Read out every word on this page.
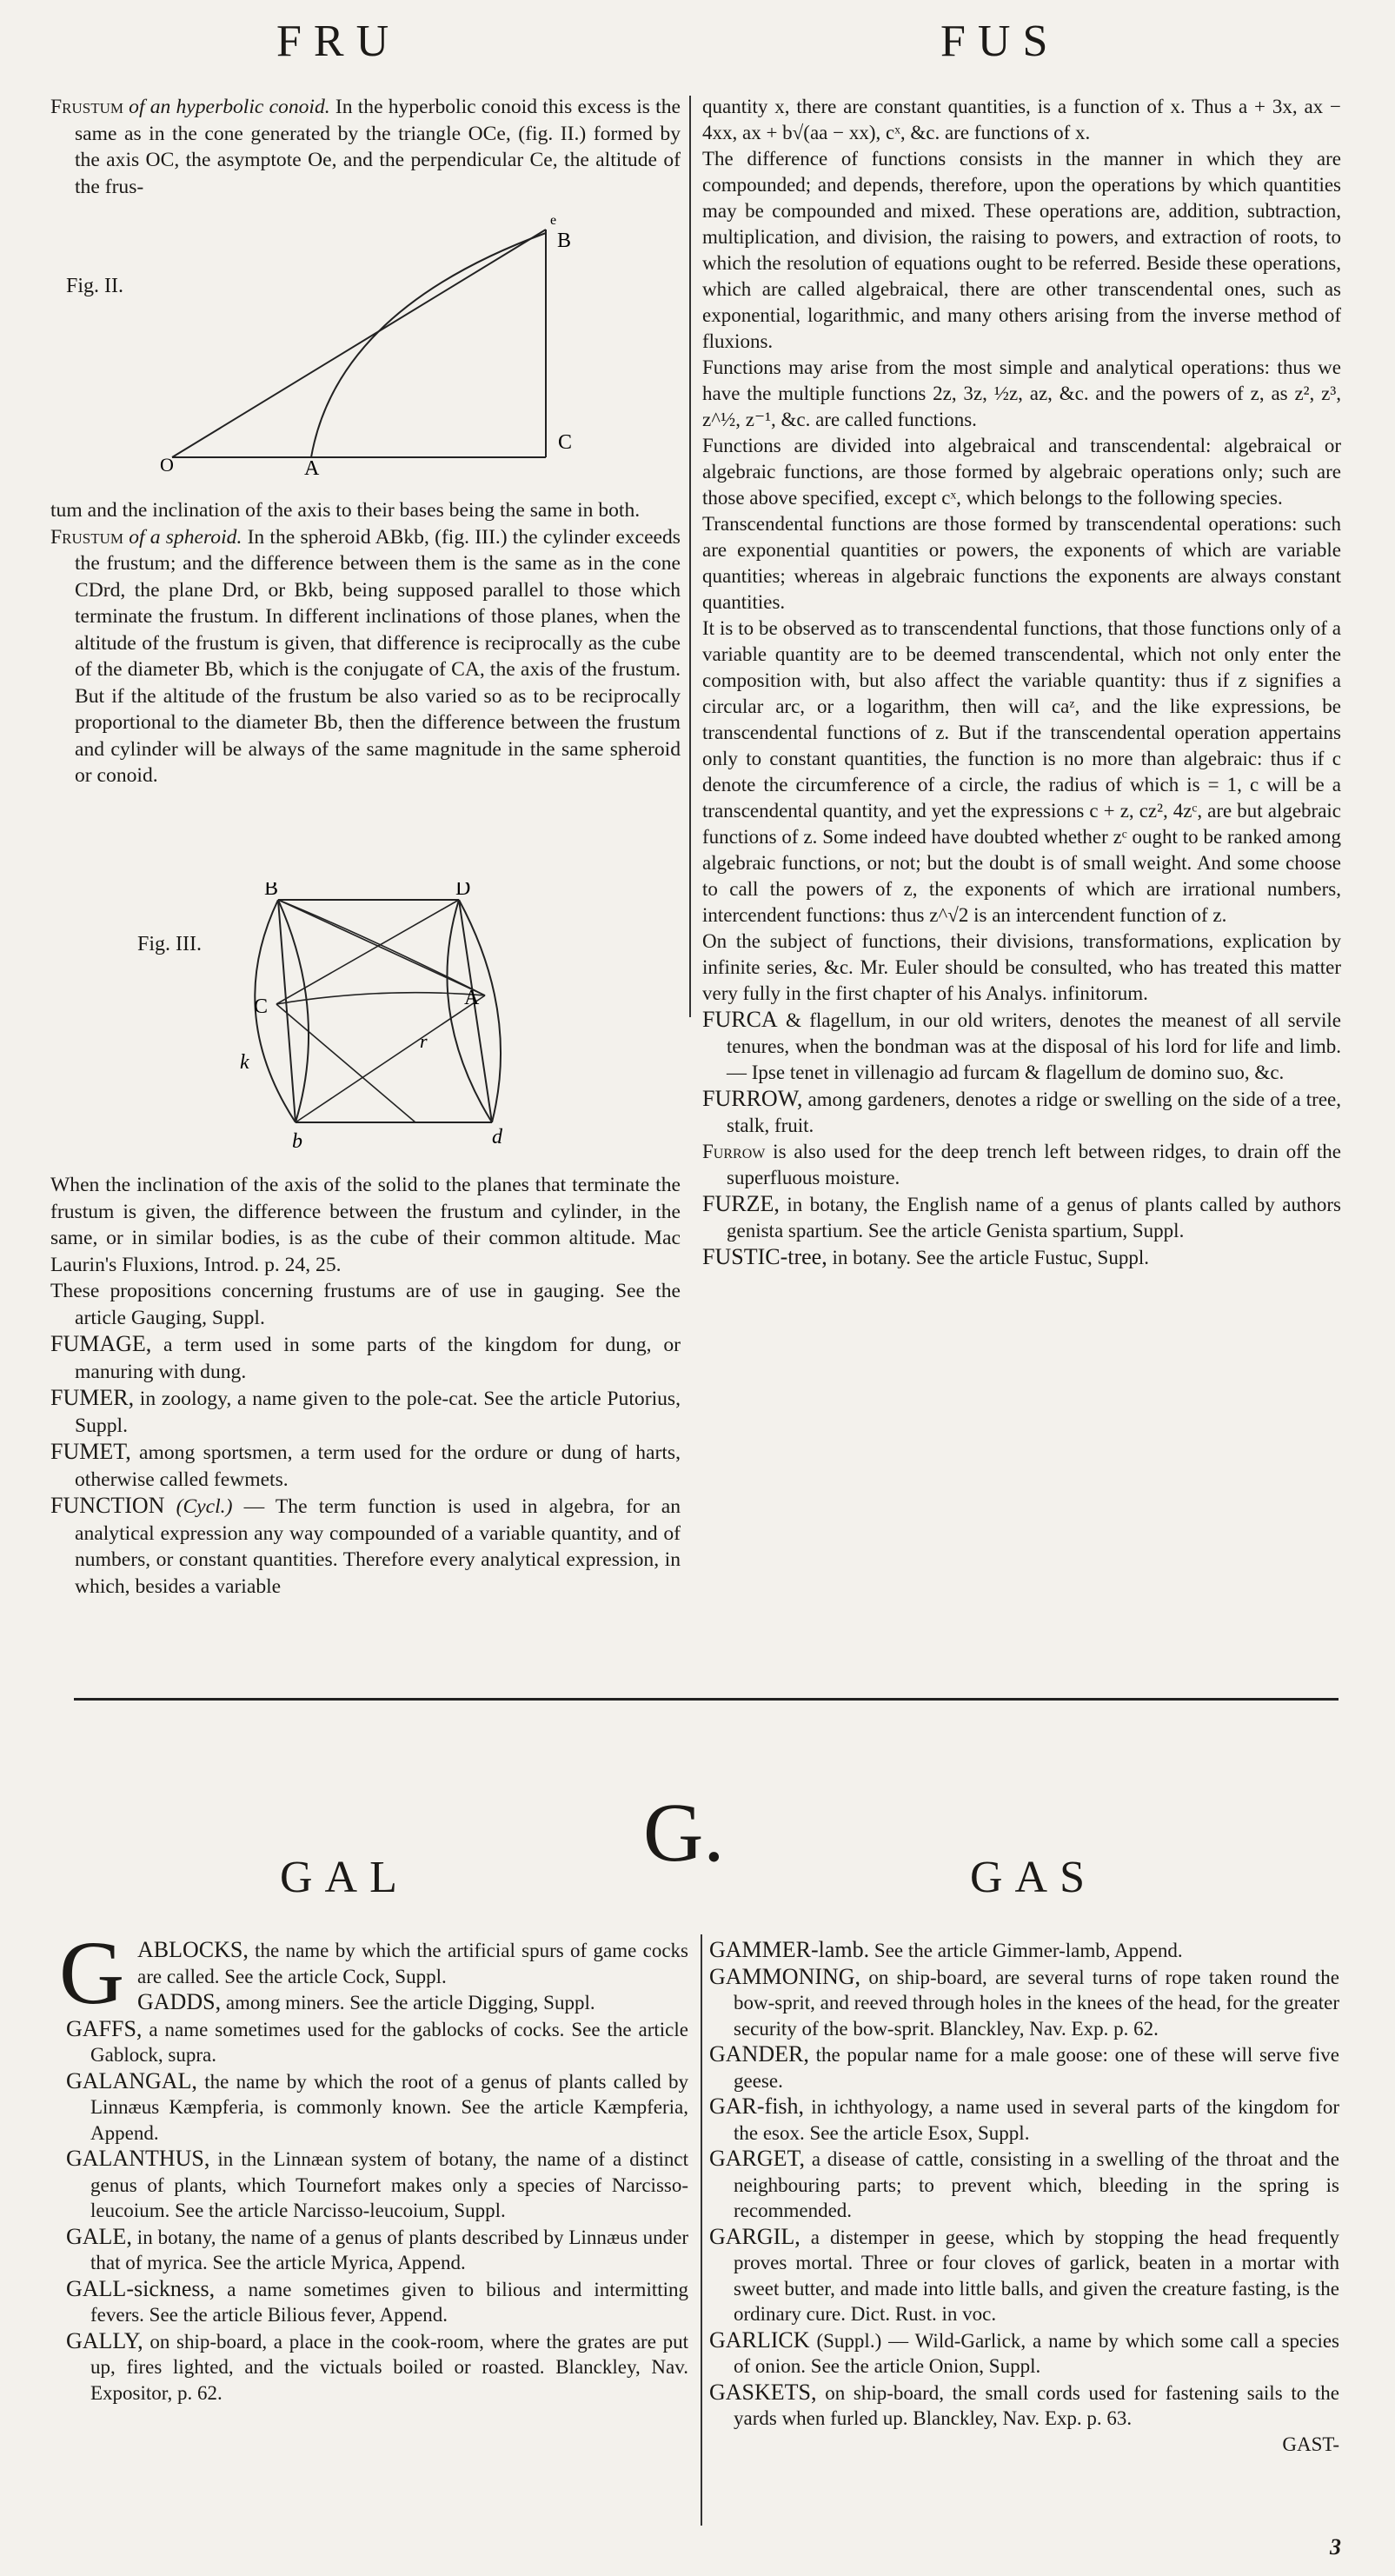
FRU	FUS

Frustum of an hyperbolic conoid. In the hyperbolic conoid this excess is the same as in the cone generated by the triangle OCe, (fig. II.) formed by the axis OC, the asymptote Oe, and the perpendicular Ce, the altitude of the frus-

Fig. II.
O	A
B
C
e

tum and the inclination of the axis to their bases being the same in both.

Frustum of a spheroid. In the spheroid ABkb, (fig. III.) the cylinder exceeds the frustum; and the difference between them is the same as in the cone CDrd, the plane Drd, or Bkb, being supposed parallel to those which terminate the frustum. In different inclinations of those planes, when the altitude of the frustum is given, that difference is reciprocally as the cube of the diameter Bb, which is the conjugate of CA, the axis of the frustum. But if the altitude of the frustum be also varied so as to be reciprocally proportional to the diameter Bb, then the difference between the frustum and cylinder will be always of the same magnitude in the same spheroid or conoid.

Fig. III.
B	D
C	A
k
r
b	d

When the inclination of the axis of the solid to the planes that terminate the frustum is given, the difference between the frustum and cylinder, in the same, or in similar bodies, is as the cube of their common altitude. Mac Laurin's Fluxions, Introd. p. 24, 25.

These propositions concerning frustums are of use in gauging. See the article Gauging, Suppl.

FUMAGE, a term used in some parts of the kingdom for dung, or manuring with dung.

FUMER, in zoology, a name given to the pole-cat. See the article Putorius, Suppl.

FUMET, among sportsmen, a term used for the ordure or dung of harts, otherwise called fewmets.

FUNCTION (Cycl.) — The term function is used in algebra, for an analytical expression any way compounded of a variable quantity, and of numbers, or constant quantities. Therefore every analytical expression, in which, besides a variable

quantity x, there are constant quantities, is a function of x. Thus a + 3x, ax − 4xx, ax + b√(aa − xx), cˣ, &c. are functions of x.

The difference of functions consists in the manner in which they are compounded; and depends, therefore, upon the operations by which quantities may be compounded and mixed. These operations are, addition, subtraction, multiplication, and division, the raising to powers, and extraction of roots, to which the resolution of equations ought to be referred. Beside these operations, which are called algebraical, there are other transcendental ones, such as exponential, logarithmic, and many others arising from the inverse method of fluxions.

Functions may arise from the most simple and analytical operations: thus we have the multiple functions 2z, 3z, ½z, az, &c. and the powers of z, as z², z³, z^½, z⁻¹, &c. are called functions.

Functions are divided into algebraical and transcendental: algebraical or algebraic functions, are those formed by algebraic operations only; such are those above specified, except cˣ, which belongs to the following species.

Transcendental functions are those formed by transcendental operations: such are exponential quantities or powers, the exponents of which are variable quantities; whereas in algebraic functions the exponents are always constant quantities.

It is to be observed as to transcendental functions, that those functions only of a variable quantity are to be deemed transcendental, which not only enter the composition with, but also affect the variable quantity: thus if z signifies a circular arc, or a logarithm, then will caᶻ, and the like expressions, be transcendental functions of z. But if the transcendental operation appertains only to constant quantities, the function is no more than algebraic: thus if c denote the circumference of a circle, the radius of which is = 1, c will be a transcendental quantity, and yet the expressions c + z, cz², 4zᶜ, are but algebraic functions of z. Some indeed have doubted whether zᶜ ought to be ranked among algebraic functions, or not; but the doubt is of small weight. And some choose to call the powers of z, the exponents of which are irrational numbers, intercendent functions: thus z^√2 is an intercendent function of z.

On the subject of functions, their divisions, transformations, explication by infinite series, &c. Mr. Euler should be consulted, who has treated this matter very fully in the first chapter of his Analys. infinitorum.

FURCA & flagellum, in our old writers, denotes the meanest of all servile tenures, when the bondman was at the disposal of his lord for life and limb. — Ipse tenet in villenagio ad furcam & flagellum de domino suo, &c.

FURROW, among gardeners, denotes a ridge or swelling on the side of a tree, stalk, fruit.

Furrow is also used for the deep trench left between ridges, to drain off the superfluous moisture.

FURZE, in botany, the English name of a genus of plants called by authors genista spartium. See the article Genista spartium, Suppl.

FUSTIC-tree, in botany. See the article Fustuc, Suppl.

G.
GAL	GAS
G ABLOCKS, the name by which the artificial spurs of game cocks are called. See the article Cock, Suppl.

GADDS, among miners. See the article Digging, Suppl.

GAFFS, a name sometimes used for the gablocks of cocks. See the article Gablock, supra.

GALANGAL, the name by which the root of a genus of plants called by Linnæus Kæmpferia, is commonly known. See the article Kæmpferia, Append.

GALANTHUS, in the Linnæan system of botany, the name of a distinct genus of plants, which Tournefort makes only a species of Narcisso-leucoium. See the article Narcisso-leucoium, Suppl.

GALE, in botany, the name of a genus of plants described by Linnæus under that of myrica. See the article Myrica, Append.

GALL-sickness, a name sometimes given to bilious and intermitting fevers. See the article Bilious fever, Append.

GALLY, on ship-board, a place in the cook-room, where the grates are put up, fires lighted, and the victuals boiled or roasted. Blanckley, Nav. Expositor, p. 62.

GAMMER-lamb. See the article Gimmer-lamb, Append.

GAMMONING, on ship-board, are several turns of rope taken round the bow-sprit, and reeved through holes in the knees of the head, for the greater security of the bow-sprit. Blanckley, Nav. Exp. p. 62.

GANDER, the popular name for a male goose: one of these will serve five geese.

GAR-fish, in ichthyology, a name used in several parts of the kingdom for the esox. See the article Esox, Suppl.

GARGET, a disease of cattle, consisting in a swelling of the throat and the neighbouring parts; to prevent which, bleeding in the spring is recommended.

GARGIL, a distemper in geese, which by stopping the head frequently proves mortal. Three or four cloves of garlick, beaten in a mortar with sweet butter, and made into little balls, and given the creature fasting, is the ordinary cure. Dict. Rust. in voc.

GARLICK (Suppl.) — Wild-Garlick, a name by which some call a species of onion. See the article Onion, Suppl.

GASKETS, on ship-board, the small cords used for fastening sails to the yards when furled up. Blanckley, Nav. Exp. p. 63.

GAST-

3
